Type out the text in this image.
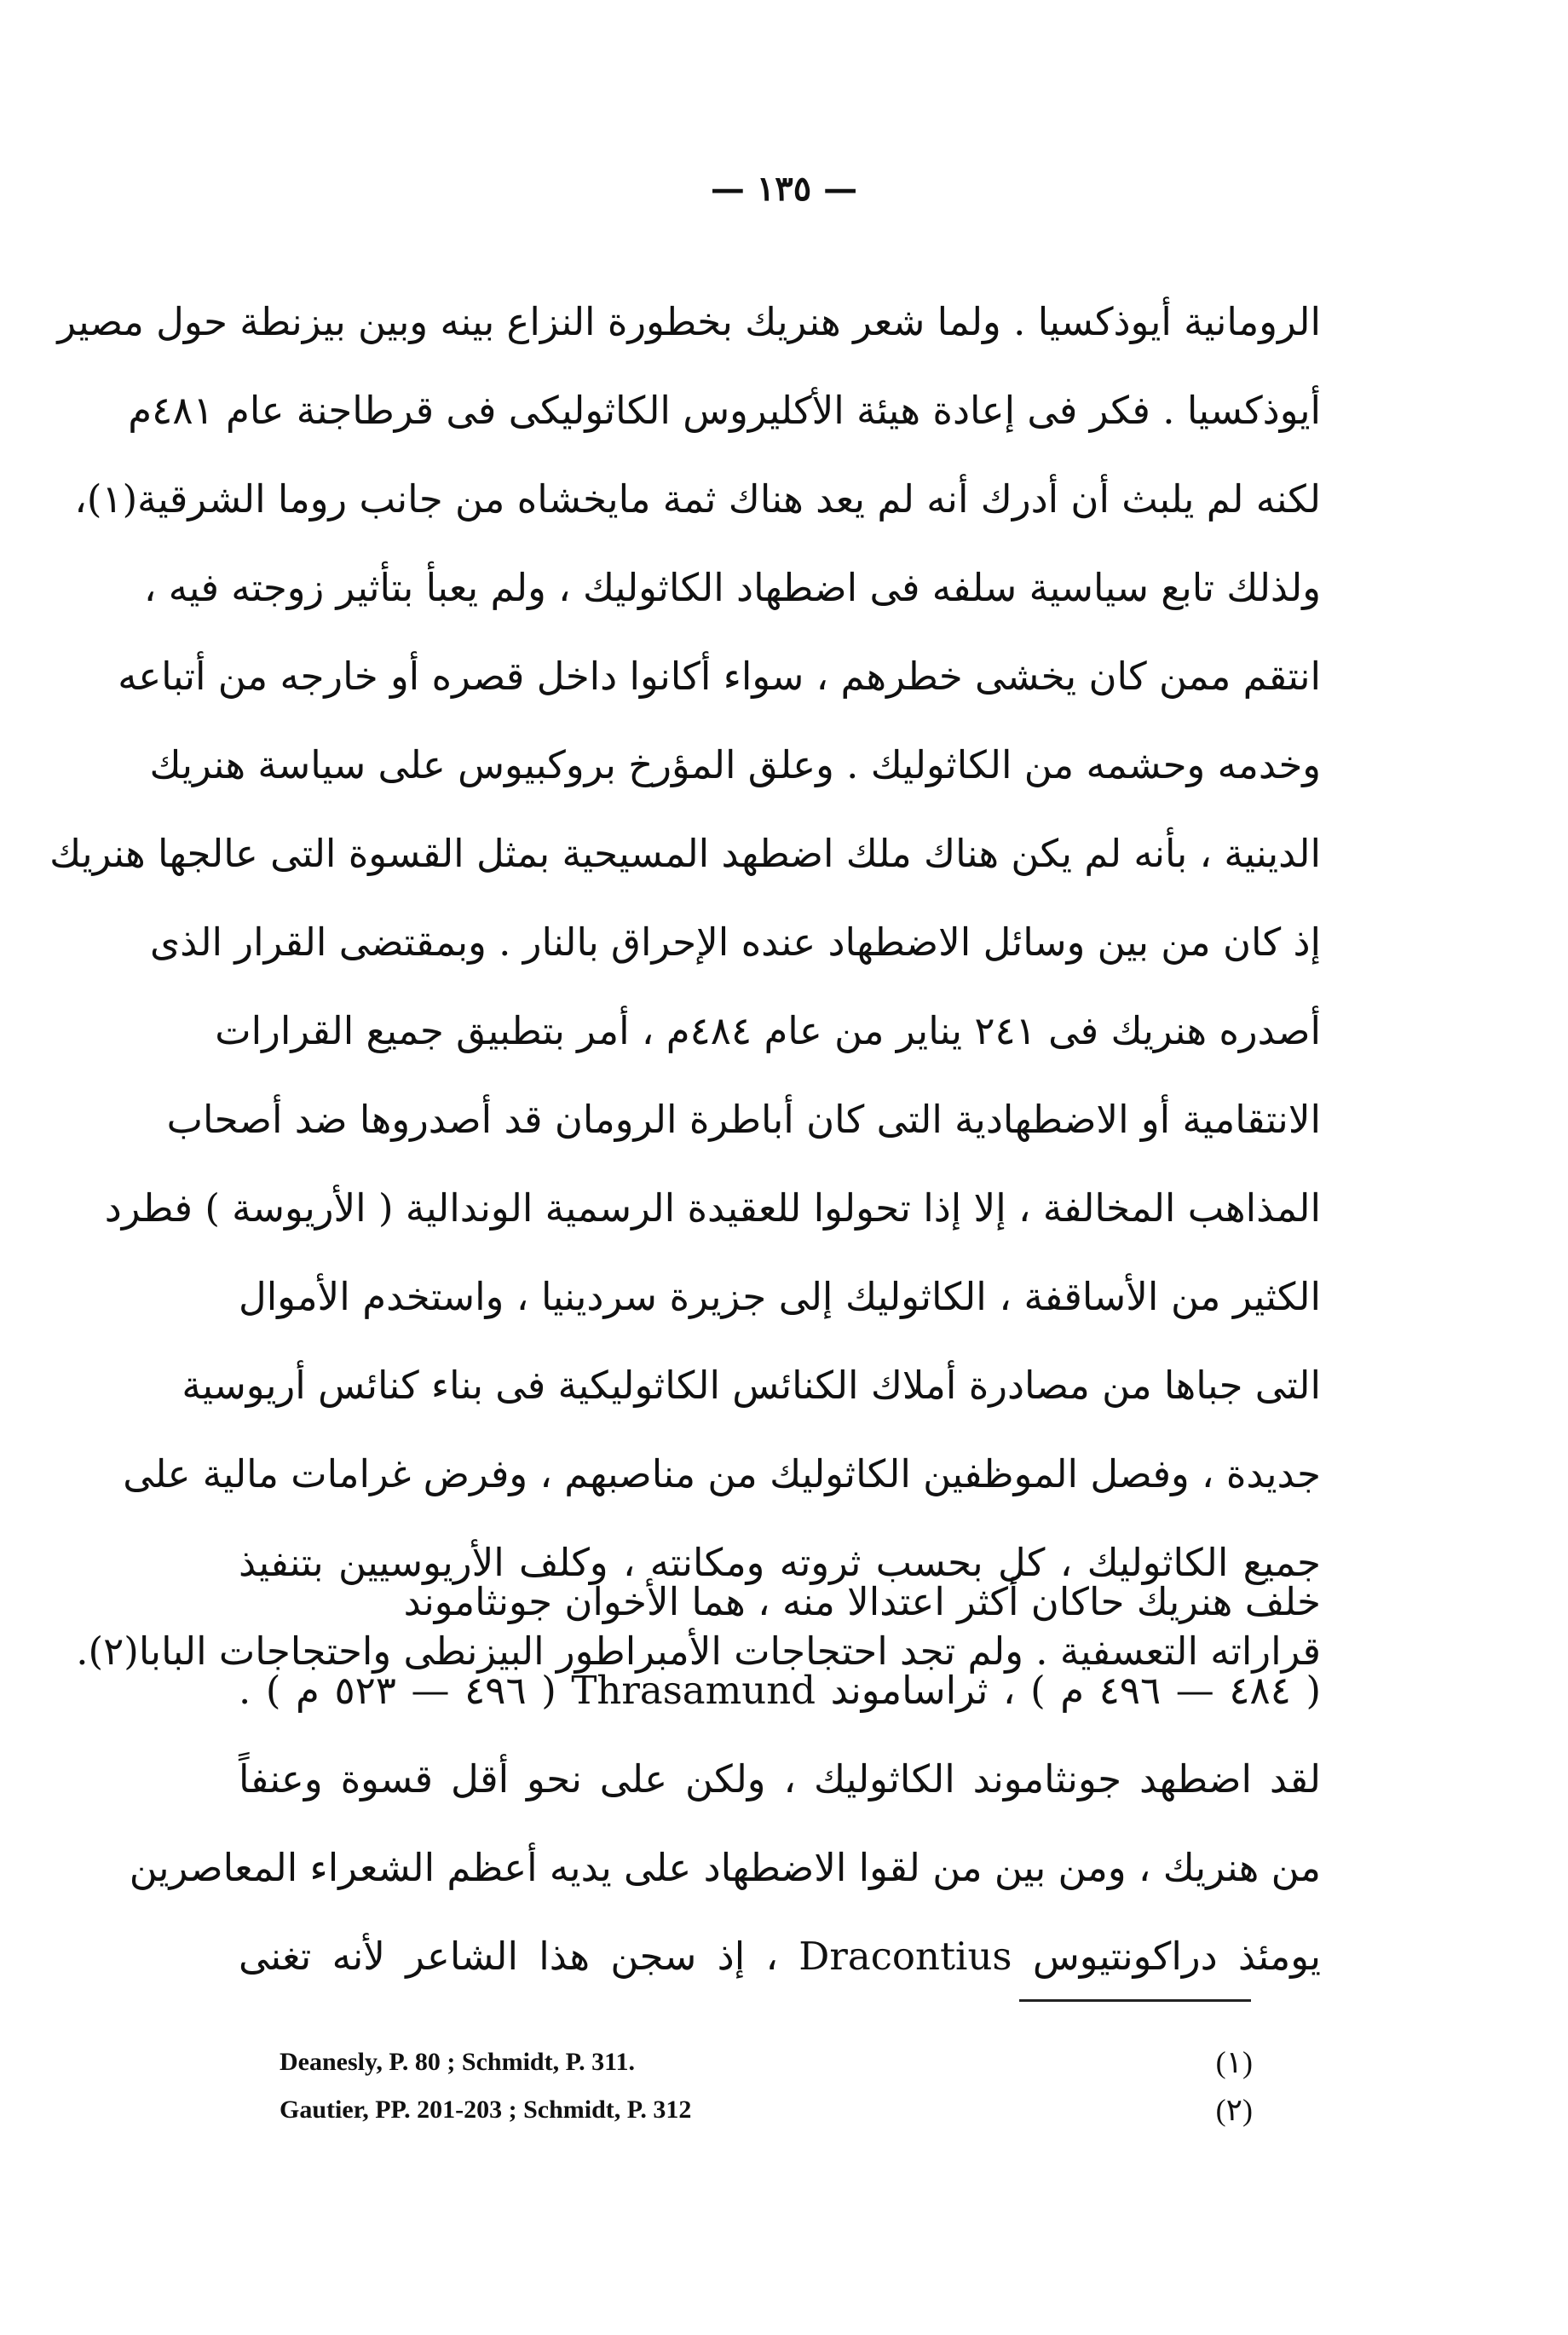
— ١٣٥ —
الرومانية أيوذكسيا . ولما شعر هنريك بخطورة النزاع بينه وبين بيزنطة حول مصير
أيوذكسيا . فكر فى إعادة هيئة الأكليروس الكاثوليكى فى قرطاجنة عام ٤٨١م
لكنه لم يلبث أن أدرك أنه لم يعد هناك ثمة مايخشاه من جانب روما الشرقية(١)،
ولذلك تابع سياسية سلفه فى اضطهاد الكاثوليك ، ولم يعبأ بتأثير زوجته فيه ،
انتقم ممن كان يخشى خطرهم ، سواء أكانوا داخل قصره أو خارجه من أتباعه
وخدمه وحشمه من الكاثوليك . وعلق المؤرخ بروكبيوس على سياسة هنريك
الدينية ، بأنه لم يكن هناك ملك اضطهد المسيحية بمثل القسوة التى عالجها هنريك
إذ كان من بين وسائل الاضطهاد عنده الإحراق بالنار . وبمقتضى القرار الذى
أصدره هنريك فى ٢٤١ يناير من عام ٤٨٤م ، أمر بتطبيق جميع القرارات
الانتقامية أو الاضطهادية التى كان أباطرة الرومان قد أصدروها ضد أصحاب
المذاهب المخالفة ، إلا إذا تحولوا للعقيدة الرسمية الوندالية ( الأريوسة ) فطرد
الكثير من الأساقفة ، الكاثوليك إلى جزيرة سردينيا ، واستخدم الأموال
التى جباها من مصادرة أملاك الكنائس الكاثوليكية فى بناء كنائس أريوسية
جديدة ، وفصل الموظفين الكاثوليك من مناصبهم ، وفرض غرامات مالية على
جميع الكاثوليك ، كل بحسب ثروته ومكانته ، وكلف الأريوسيين بتنفيذ
قراراته التعسفية . ولم تجد احتجاجات الأمبراطور البيزنطى واحتجاجات البابا(٢).
خلف هنريك حاكان أكثر اعتدالا منه ، هما الأخوان جونثاموند
( ٤٨٤ — ٤٩٦ م ) ، ثراساموند Thrasamund ( ٤٩٦ — ٥٢٣ م ) .
لقد اضطهد جونثاموند الكاثوليك ، ولكن على نحو أقل قسوة وعنفاً
من هنريك ، ومن بين من لقوا الاضطهاد على يديه أعظم الشعراء المعاصرين
يومئذ دراكونتيوس Dracontius ، إذ سجن هذا الشاعر لأنه تغنى
Deanesly, P. 80 ; Schmidt, P. 311.	(١)
Gautier, PP. 201-203 ; Schmidt, P. 312	(٢)
